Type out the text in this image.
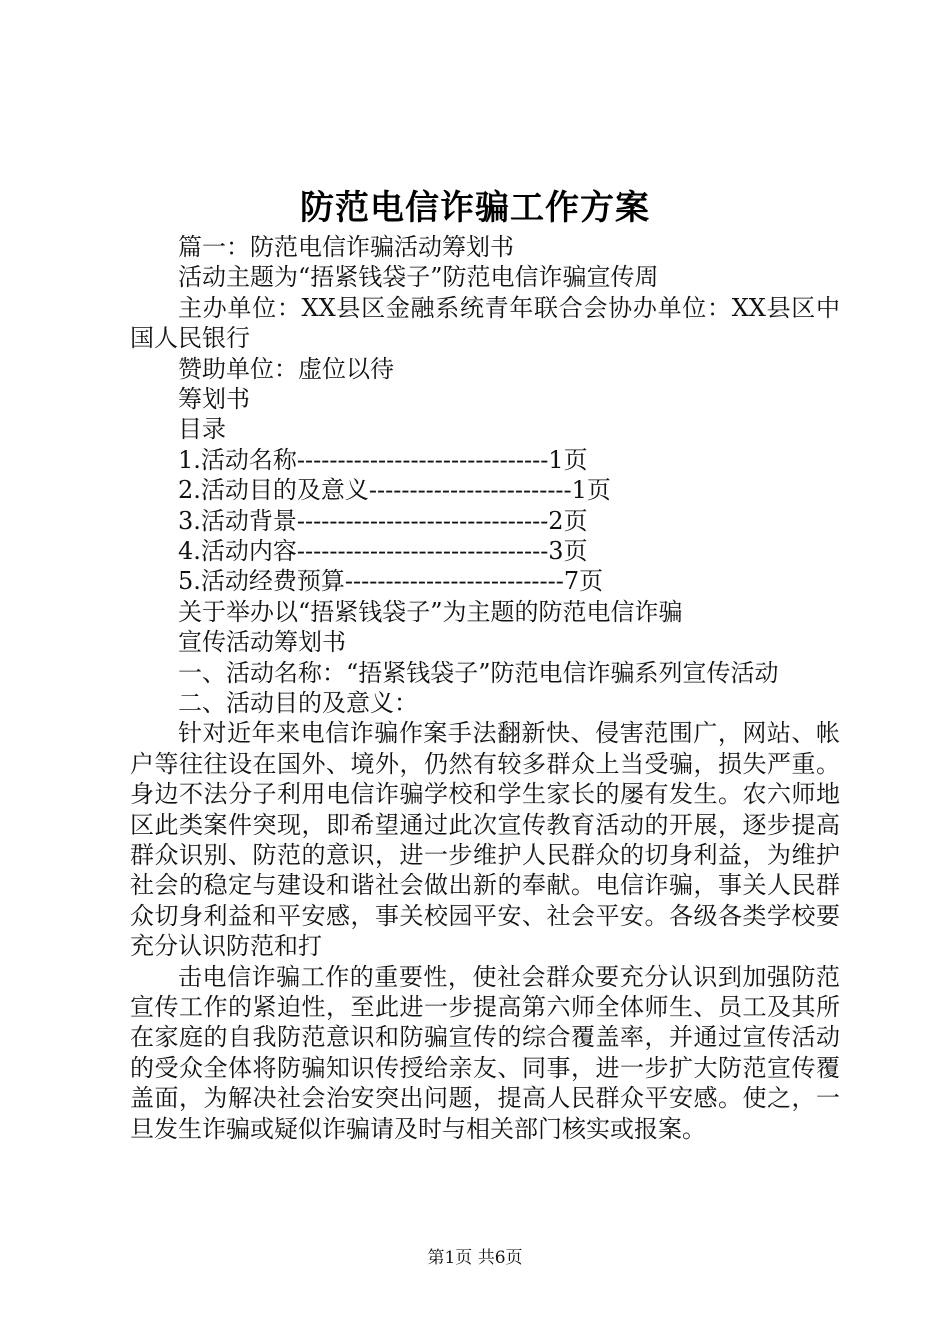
防范电信诈骗工作方案
篇一：防范电信诈骗活动筹划书
活动主题为“捂紧钱袋子”防范电信诈骗宣传周
主办单位：XX县区金融系统青年联合会协办单位：XX县区中国人民银行
赞助单位：虚位以待
筹划书
目录
1.活动名称-------------------------------1页
2.活动目的及意义-------------------------1页
3.活动背景-------------------------------2页
4.活动内容-------------------------------3页
5.活动经费预算---------------------------7页
关于举办以“捂紧钱袋子”为主题的防范电信诈骗
宣传活动筹划书
一、活动名称：“捂紧钱袋子”防范电信诈骗系列宣传活动
二、活动目的及意义：
针对近年来电信诈骗作案手法翻新快、侵害范围广，网站、帐户等往往设在国外、境外，仍然有较多群众上当受骗，损失严重。身边不法分子利用电信诈骗学校和学生家长的屡有发生。农六师地区此类案件突现，即希望通过此次宣传教育活动的开展，逐步提高群众识别、防范的意识，进一步维护人民群众的切身利益，为维护社会的稳定与建设和谐社会做出新的奉献。电信诈骗，事关人民群众切身利益和平安感，事关校园平安、社会平安。各级各类学校要充分认识防范和打
击电信诈骗工作的重要性，使社会群众要充分认识到加强防范宣传工作的紧迫性，至此进一步提高第六师全体师生、员工及其所在家庭的自我防范意识和防骗宣传的综合覆盖率，并通过宣传活动的受众全体将防骗知识传授给亲友、同事，进一步扩大防范宣传覆盖面，为解决社会治安突出问题，提高人民群众平安感。使之，一旦发生诈骗或疑似诈骗请及时与相关部门核实或报案。
第1页 共6页
